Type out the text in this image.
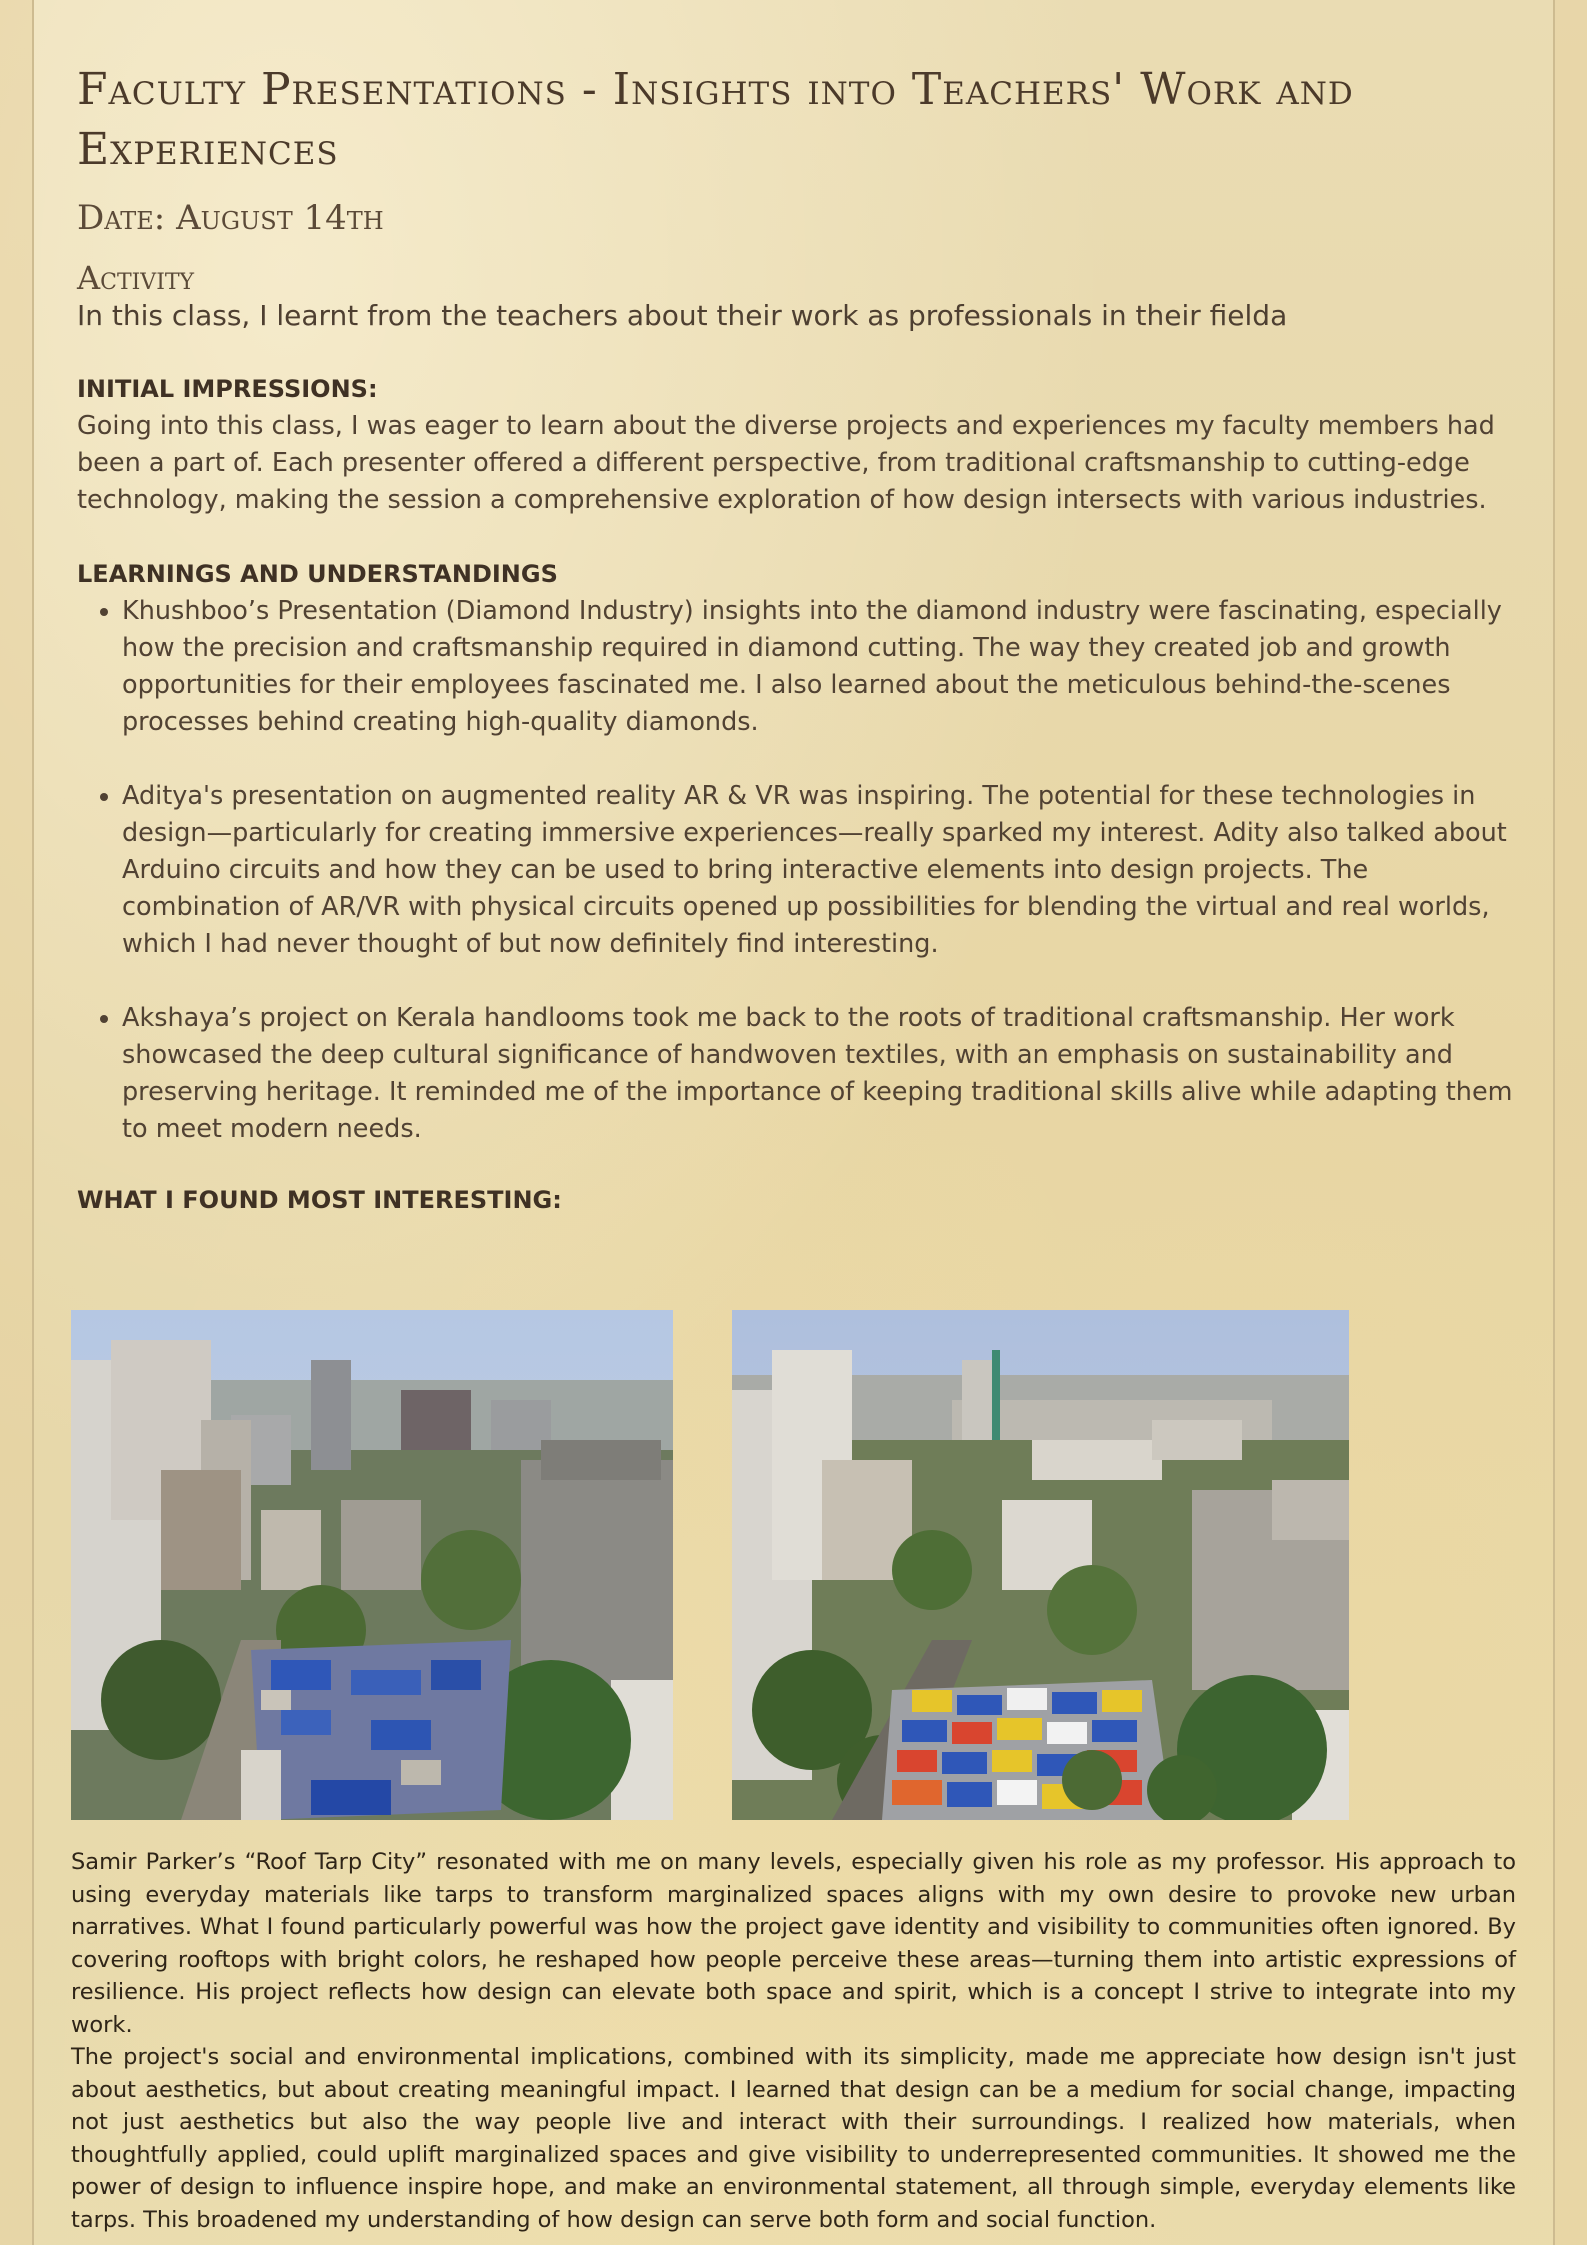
Faculty Presentations - Insights into Teachers' Work and Experiences
Date: August 14th
Activity

In this class, I learnt from the teachers about their work as professionals in their fielda

INITIAL IMPRESSIONS:

Going into this class, I was eager to learn about the diverse projects and experiences my faculty members had been a part of. Each presenter offered a different perspective, from traditional craftsmanship to cutting-edge technology, making the session a comprehensive exploration of how design intersects with various industries.

LEARNINGS AND UNDERSTANDINGS
• Khushboo’s Presentation (Diamond Industry) insights into the diamond industry were fascinating, especially how the precision and craftsmanship required in diamond cutting. The way they created job and growth opportunities for their employees fascinated me. I also learned about the meticulous behind-the-scenes processes behind creating high-quality diamonds.
• Aditya's presentation on augmented reality AR & VR was inspiring. The potential for these technologies in design—particularly for creating immersive experiences—really sparked my interest. Adity also talked about Arduino circuits and how they can be used to bring interactive elements into design projects. The combination of AR/VR with physical circuits opened up possibilities for blending the virtual and real worlds, which I had never thought of but now definitely find interesting.
• Akshaya’s project on Kerala handlooms took me back to the roots of traditional craftsmanship. Her work showcased the deep cultural significance of handwoven textiles, with an emphasis on sustainability and preserving heritage. It reminded me of the importance of keeping traditional skills alive while adapting them to meet modern needs.
WHAT I FOUND MOST INTERESTING:

Samir Parker’s “Roof Tarp City” resonated with me on many levels, especially given his role as my professor. His approach to using everyday materials like tarps to transform marginalized spaces aligns with my own desire to provoke new urban narratives. What I found particularly powerful was how the project gave identity and visibility to communities often ignored. By covering rooftops with bright colors, he reshaped how people perceive these areas—turning them into artistic expressions of resilience. His project reflects how design can elevate both space and spirit, which is a concept I strive to integrate into my work.

The project's social and environmental implications, combined with its simplicity, made me appreciate how design isn't just about aesthetics, but about creating meaningful impact. I learned that design can be a medium for social change, impacting not just aesthetics but also the way people live and interact with their surroundings. I realized how materials, when thoughtfully applied, could uplift marginalized spaces and give visibility to underrepresented communities. It showed me the power of design to influence inspire hope, and make an environmental statement, all through simple, everyday elements like tarps. This broadened my understanding of how design can serve both form and social function.
